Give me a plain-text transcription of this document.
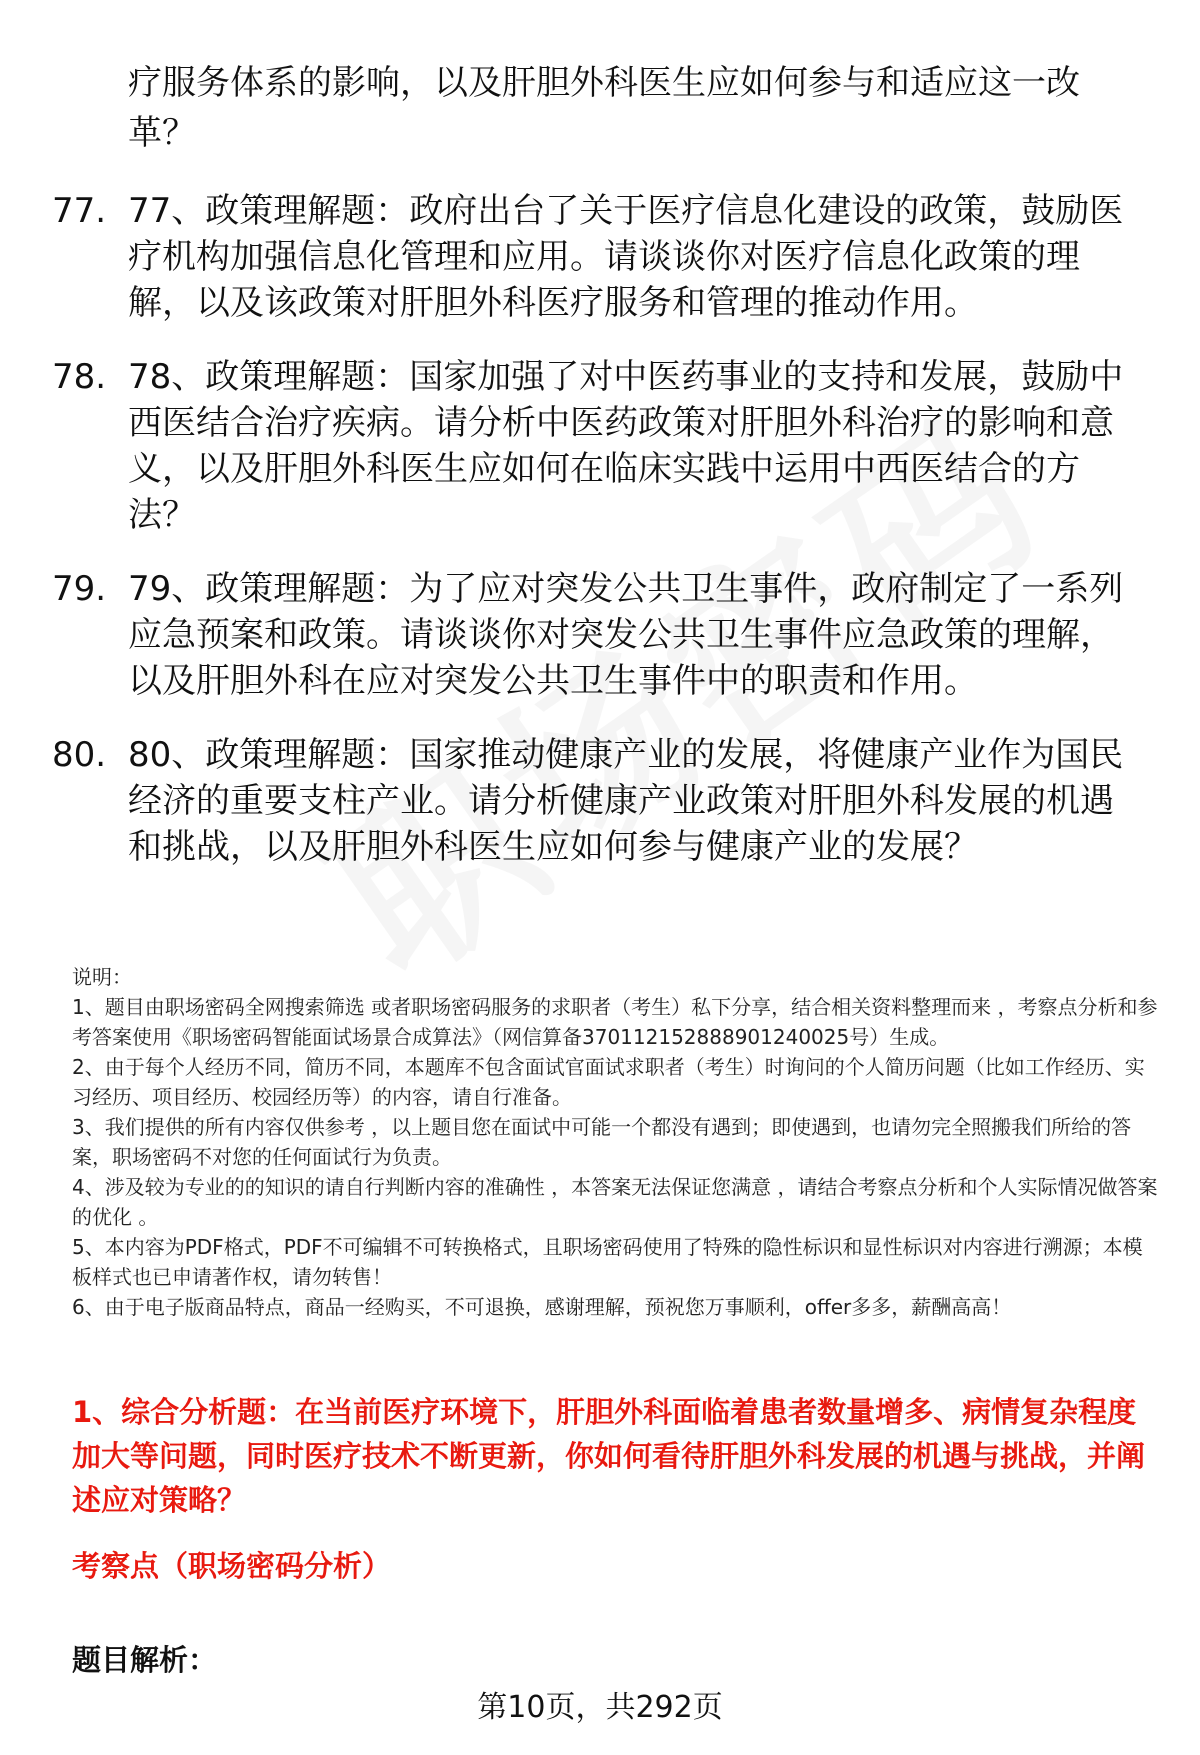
疗服务体系的影响，以及肝胆外科医生应如何参与和适应这一改革？
77. 77、政策理解题：政府出台了关于医疗信息化建设的政策，鼓励医疗机构加强信息化管理和应用。请谈谈你对医疗信息化政策的理解，以及该政策对肝胆外科医疗服务和管理的推动作用。
78. 78、政策理解题：国家加强了对中医药事业的支持和发展，鼓励中西医结合治疗疾病。请分析中医药政策对肝胆外科治疗的影响和意义，以及肝胆外科医生应如何在临床实践中运用中西医结合的方法？
79. 79、政策理解题：为了应对突发公共卫生事件，政府制定了一系列应急预案和政策。请谈谈你对突发公共卫生事件应急政策的理解，以及肝胆外科在应对突发公共卫生事件中的职责和作用。
80. 80、政策理解题：国家推动健康产业的发展，将健康产业作为国民经济的重要支柱产业。请分析健康产业政策对肝胆外科发展的机遇和挑战，以及肝胆外科医生应如何参与健康产业的发展？

说明：

1、题目由职场密码全网搜索筛选 或者职场密码服务的求职者（考生）私下分享，结合相关资料整理而来 ，考察点分析和参考答案使用《职场密码智能面试场景合成算法》（网信算备370112152888901240025号）生成。

2、由于每个人经历不同，简历不同，本题库不包含面试官面试求职者（考生）时询问的个人简历问题（比如工作经历、实习经历、项目经历、校园经历等）的内容，请自行准备。

3、我们提供的所有内容仅供参考 ，以上题目您在面试中可能一个都没有遇到；即使遇到，也请勿完全照搬我们所给的答案，职场密码不对您的任何面试行为负责。

4、涉及较为专业的的知识的请自行判断内容的准确性 ，本答案无法保证您满意 ，请结合考察点分析和个人实际情况做答案的优化 。

5、本内容为PDF格式，PDF不可编辑不可转换格式，且职场密码使用了特殊的隐性标识和显性标识对内容进行溯源；本模板样式也已申请著作权，请勿转售！

6、由于电子版商品特点，商品一经购买，不可退换，感谢理解，预祝您万事顺利，offer多多，薪酬高高！

1、综合分析题：在当前医疗环境下，肝胆外科面临着患者数量增多、病情复杂程度加大等问题，同时医疗技术不断更新，你如何看待肝胆外科发展的机遇与挑战，并阐述应对策略？
考察点（职场密码分析）
题目解析：
第10页，共292页
